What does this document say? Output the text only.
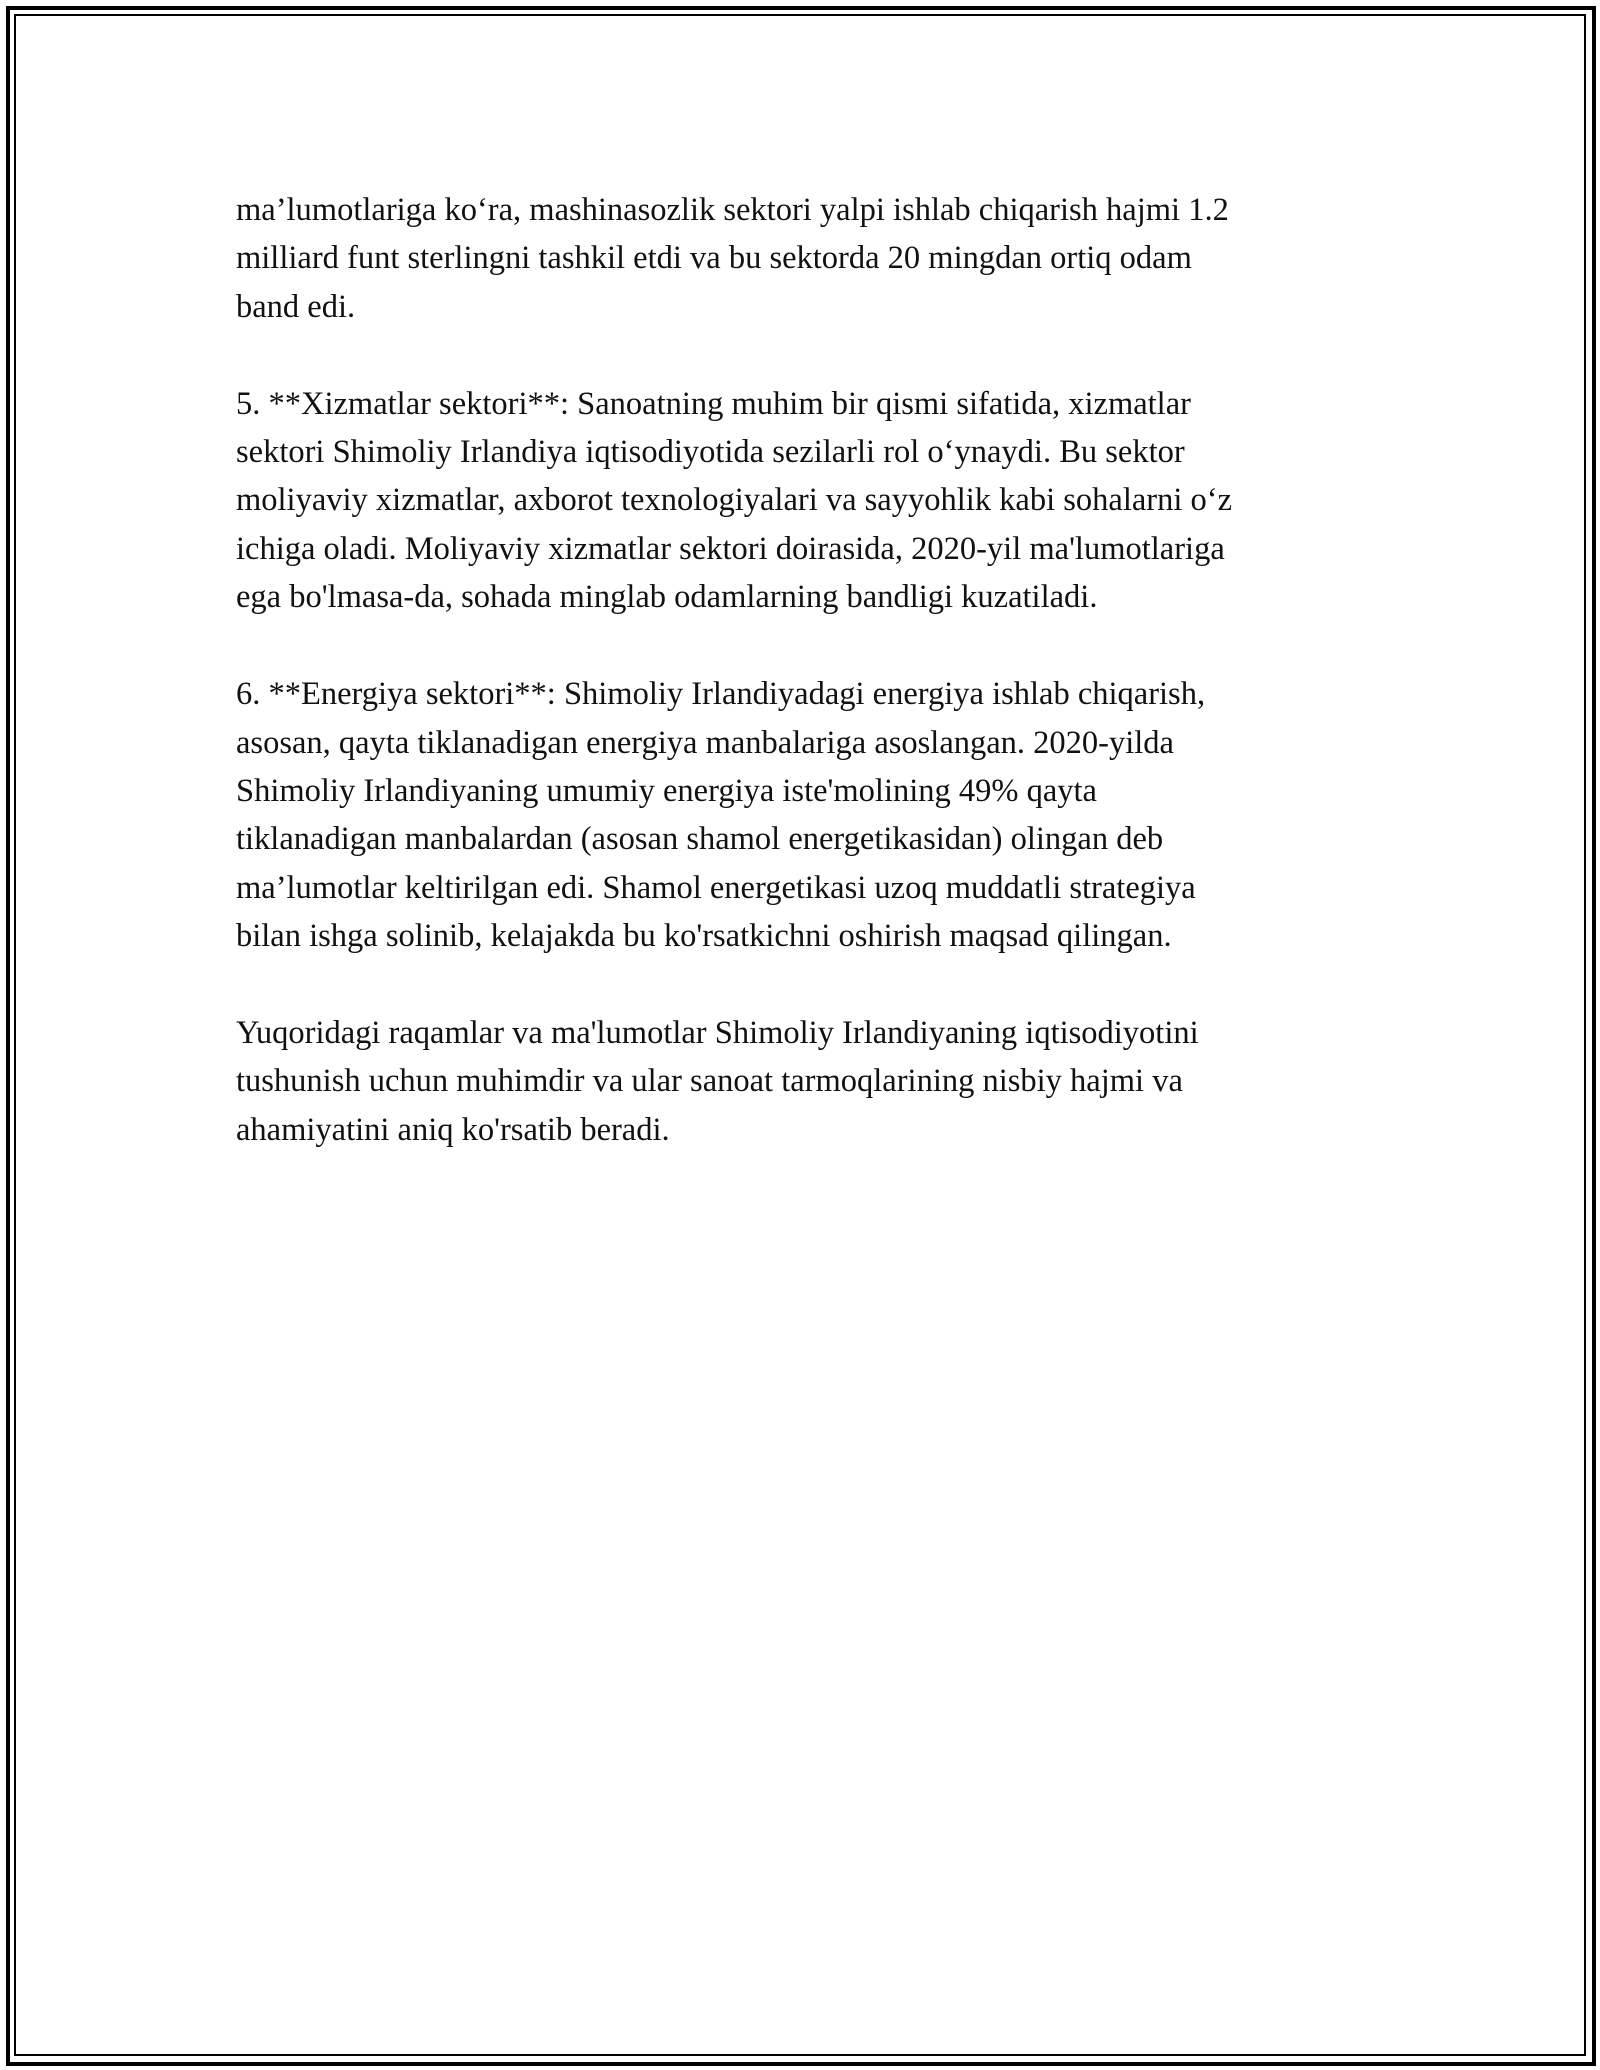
ma’lumotlariga ko‘ra, mashinasozlik sektori yalpi ishlab chiqarish hajmi 1.2
milliard funt sterlingni tashkil etdi va bu sektorda 20 mingdan ortiq odam
band edi.

5. **Xizmatlar sektori**: Sanoatning muhim bir qismi sifatida, xizmatlar
sektori Shimoliy Irlandiya iqtisodiyotida sezilarli rol o‘ynaydi. Bu sektor
moliyaviy xizmatlar, axborot texnologiyalari va sayyohlik kabi sohalarni o‘z
ichiga oladi. Moliyaviy xizmatlar sektori doirasida, 2020-yil ma'lumotlariga
ega bo'lmasa-da, sohada minglab odamlarning bandligi kuzatiladi.

6. **Energiya sektori**: Shimoliy Irlandiyadagi energiya ishlab chiqarish,
asosan, qayta tiklanadigan energiya manbalariga asoslangan. 2020-yilda
Shimoliy Irlandiyaning umumiy energiya iste'molining 49% qayta
tiklanadigan manbalardan (asosan shamol energetikasidan) olingan deb
ma’lumotlar keltirilgan edi. Shamol energetikasi uzoq muddatli strategiya
bilan ishga solinib, kelajakda bu ko'rsatkichni oshirish maqsad qilingan.

Yuqoridagi raqamlar va ma'lumotlar Shimoliy Irlandiyaning iqtisodiyotini
tushunish uchun muhimdir va ular sanoat tarmoqlarining nisbiy hajmi va
ahamiyatini aniq ko'rsatib beradi.
